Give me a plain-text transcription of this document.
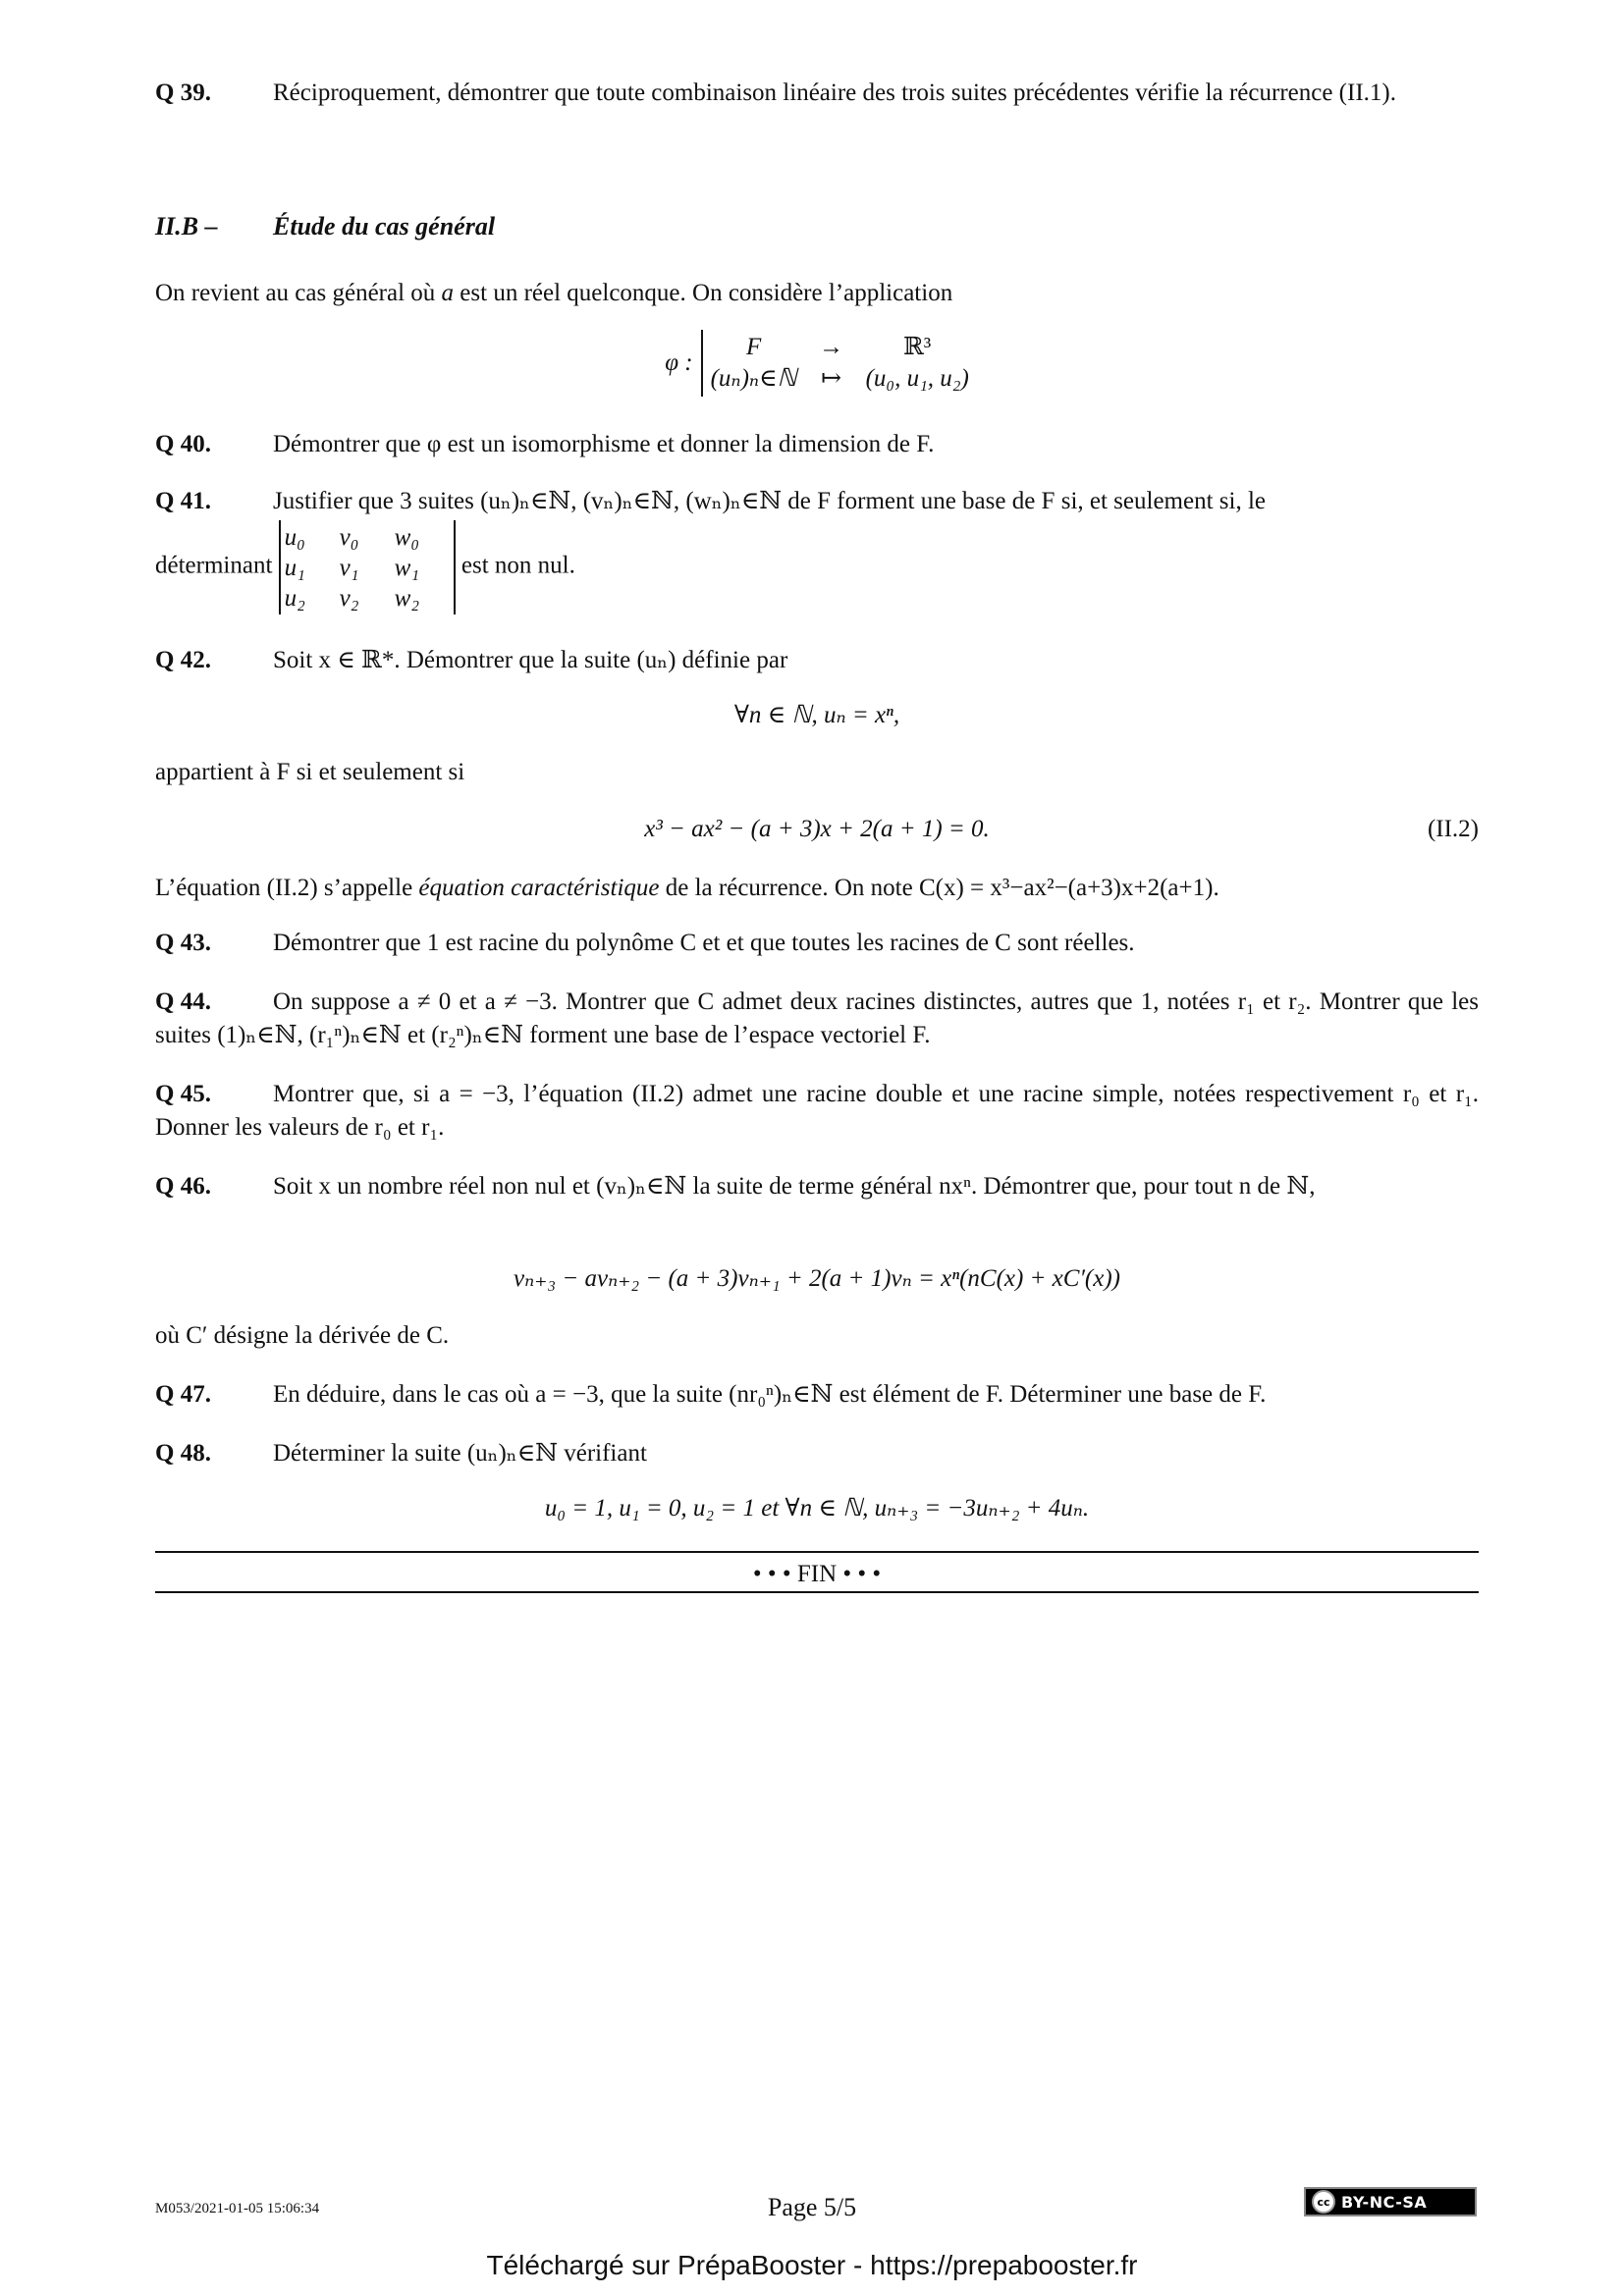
Q 39.	Réciproquement, démontrer que toute combinaison linéaire des trois suites précédentes vérifie la récurrence (II.1).
II.B – Étude du cas général
On revient au cas général où a est un réel quelconque. On considère l’application
φ :
F	→	ℝ³
(uₙ)ₙ∈ℕ ↦ (u₀, u₁, u₂)
Q 40.	Démontrer que φ est un isomorphisme et donner la dimension de F.
Q 41.	Justifier que 3 suites (uₙ)ₙ∈ℕ, (vₙ)ₙ∈ℕ, (wₙ)ₙ∈ℕ de F forment une base de F si, et seulement si, le
déterminant
u₀	v₀	w₀
u₁	v₁	w₁
u₂	v₂	w₂
est non nul.
Q 42.	Soit x ∈ ℝ*. Démontrer que la suite (uₙ) définie par
∀n ∈ ℕ, uₙ = xⁿ,
appartient à F si et seulement si
x³ − ax² − (a + 3)x + 2(a + 1) = 0.	(II.2)
L’équation (II.2) s’appelle équation caractéristique de la récurrence. On note C(x) = x³−ax²−(a+3)x+2(a+1).
Q 43.	Démontrer que 1 est racine du polynôme C et et que toutes les racines de C sont réelles.
Q 44.	On suppose a ≠ 0 et a ≠ −3. Montrer que C admet deux racines distinctes, autres que 1, notées r₁ et r₂. Montrer que les suites (1)ₙ∈ℕ, (r₁ⁿ)ₙ∈ℕ et (r₂ⁿ)ₙ∈ℕ forment une base de l’espace vectoriel F.
Q 45.	Montrer que, si a = −3, l’équation (II.2) admet une racine double et une racine simple, notées respectivement r₀ et r₁. Donner les valeurs de r₀ et r₁.
Q 46.	Soit x un nombre réel non nul et (vₙ)ₙ∈ℕ la suite de terme général nxⁿ. Démontrer que, pour tout n de ℕ,
vₙ₊₃ − avₙ₊₂ − (a + 3)vₙ₊₁ + 2(a + 1)vₙ = xⁿ(nC(x) + xC′(x))
où C′ désigne la dérivée de C.
Q 47.	En déduire, dans le cas où a = −3, que la suite (nr₀ⁿ)ₙ∈ℕ est élément de F. Déterminer une base de F.
Q 48.	Déterminer la suite (uₙ)ₙ∈ℕ vérifiant
u₀ = 1, u₁ = 0, u₂ = 1 et ∀n ∈ ℕ, uₙ₊₃ = −3uₙ₊₂ + 4uₙ.
• • • FIN • • •
M053/2021-01-05 15:06:34	Page 5/5	cc BY-NC-SA
Téléchargé sur PrépaBooster - https://prepabooster.fr
